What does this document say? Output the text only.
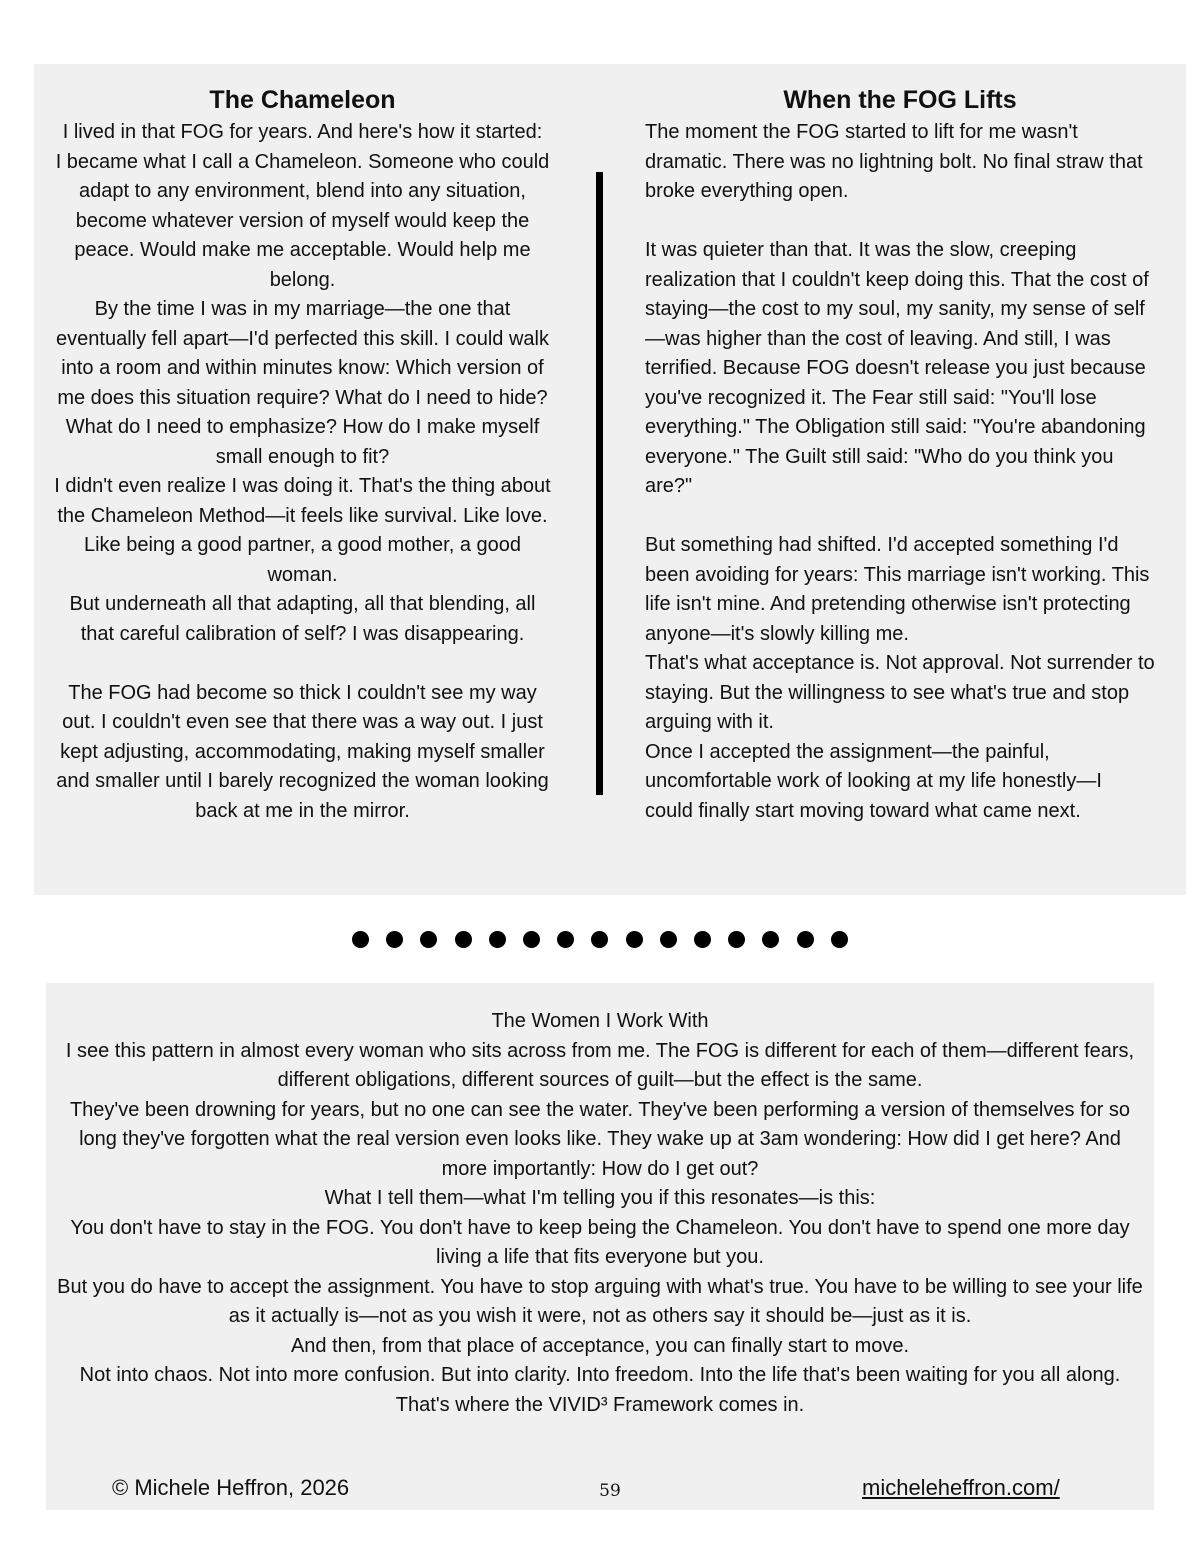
The Chameleon

I lived in that FOG for years. And here's how it started:

I became what I call a Chameleon. Someone who could adapt to any environment, blend into any situation, become whatever version of myself would keep the peace. Would make me acceptable. Would help me belong.

By the time I was in my marriage—the one that eventually fell apart—I'd perfected this skill. I could walk into a room and within minutes know: Which version of me does this situation require? What do I need to hide? What do I need to emphasize? How do I make myself small enough to fit?

I didn't even realize I was doing it. That's the thing about the Chameleon Method—it feels like survival. Like love. Like being a good partner, a good mother, a good woman.

But underneath all that adapting, all that blending, all that careful calibration of self? I was disappearing.

The FOG had become so thick I couldn't see my way out. I couldn't even see that there was a way out. I just kept adjusting, accommodating, making myself smaller and smaller until I barely recognized the woman looking back at me in the mirror.

When the FOG Lifts

The moment the FOG started to lift for me wasn't dramatic. There was no lightning bolt. No final straw that broke everything open.

It was quieter than that. It was the slow, creeping realization that I couldn't keep doing this. That the cost of staying—the cost to my soul, my sanity, my sense of self—was higher than the cost of leaving. And still, I was terrified. Because FOG doesn't release you just because you've recognized it. The Fear still said: "You'll lose everything." The Obligation still said: "You're abandoning everyone." The Guilt still said: "Who do you think you are?"

But something had shifted. I'd accepted something I'd been avoiding for years: This marriage isn't working. This life isn't mine. And pretending otherwise isn't protecting anyone—it's slowly killing me.

That's what acceptance is. Not approval. Not surrender to staying. But the willingness to see what's true and stop arguing with it.

Once I accepted the assignment—the painful, uncomfortable work of looking at my life honestly—I could finally start moving toward what came next.

The Women I Work With

I see this pattern in almost every woman who sits across from me. The FOG is different for each of them—different fears, different obligations, different sources of guilt—but the effect is the same.

They've been drowning for years, but no one can see the water. They've been performing a version of themselves for so long they've forgotten what the real version even looks like. They wake up at 3am wondering: How did I get here? And more importantly: How do I get out?

What I tell them—what I'm telling you if this resonates—is this:

You don't have to stay in the FOG. You don't have to keep being the Chameleon. You don't have to spend one more day living a life that fits everyone but you.

But you do have to accept the assignment. You have to stop arguing with what's true. You have to be willing to see your life as it actually is—not as you wish it were, not as others say it should be—just as it is.

And then, from that place of acceptance, you can finally start to move.

Not into chaos. Not into more confusion. But into clarity. Into freedom. Into the life that's been waiting for you all along.

That's where the VIVID³ Framework comes in.

© Michele Heffron, 2026	59	micheleheffron.com/
